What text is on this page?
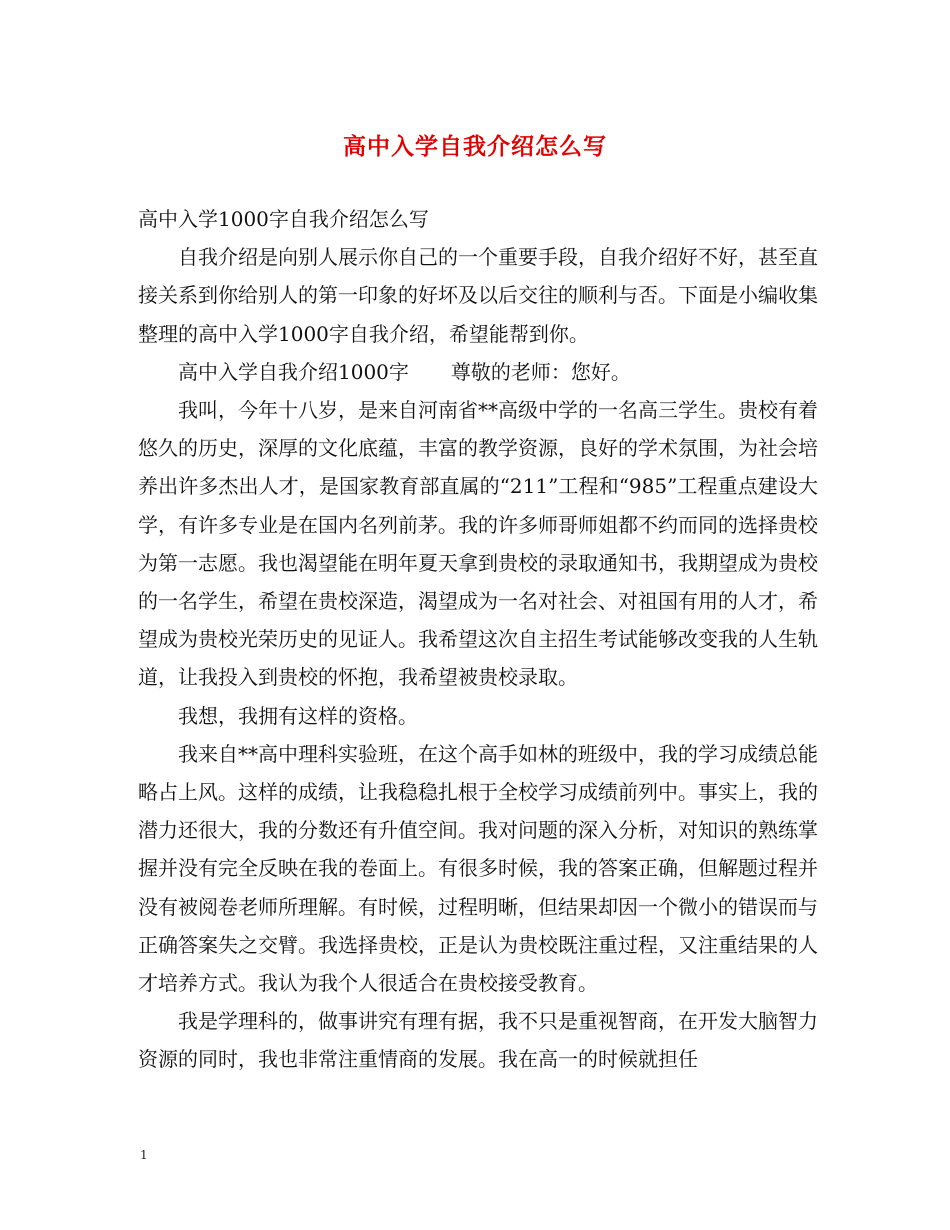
高中入学自我介绍怎么写

高中入学1000字自我介绍怎么写

自我介绍是向别人展示你自己的一个重要手段，自我介绍好不好，甚至直接关系到你给别人的第一印象的好坏及以后交往的顺利与否。下面是小编收集整理的高中入学1000字自我介绍，希望能帮到你。

高中入学自我介绍1000字 尊敬的老师：您好。

我叫，今年十八岁，是来自河南省**高级中学的一名高三学生。贵校有着悠久的历史，深厚的文化底蕴，丰富的教学资源，良好的学术氛围，为社会培养出许多杰出人才，是国家教育部直属的“211”工程和“985”工程重点建设大学，有许多专业是在国内名列前茅。我的许多师哥师姐都不约而同的选择贵校为第一志愿。我也渴望能在明年夏天拿到贵校的录取通知书，我期望成为贵校的一名学生，希望在贵校深造，渴望成为一名对社会、对祖国有用的人才，希望成为贵校光荣历史的见证人。我希望这次自主招生考试能够改变我的人生轨道，让我投入到贵校的怀抱，我希望被贵校录取。

我想，我拥有这样的资格。

我来自**高中理科实验班，在这个高手如林的班级中，我的学习成绩总能略占上风。这样的成绩，让我稳稳扎根于全校学习成绩前列中。事实上，我的潜力还很大，我的分数还有升值空间。我对问题的深入分析，对知识的熟练掌握并没有完全反映在我的卷面上。有很多时候，我的答案正确，但解题过程并没有被阅卷老师所理解。有时候，过程明晰，但结果却因一个微小的错误而与正确答案失之交臂。我选择贵校，正是认为贵校既注重过程，又注重结果的人才培养方式。我认为我个人很适合在贵校接受教育。

我是学理科的，做事讲究有理有据，我不只是重视智商，在开发大脑智力资源的同时，我也非常注重情商的发展。我在高一的时候就担任

1
